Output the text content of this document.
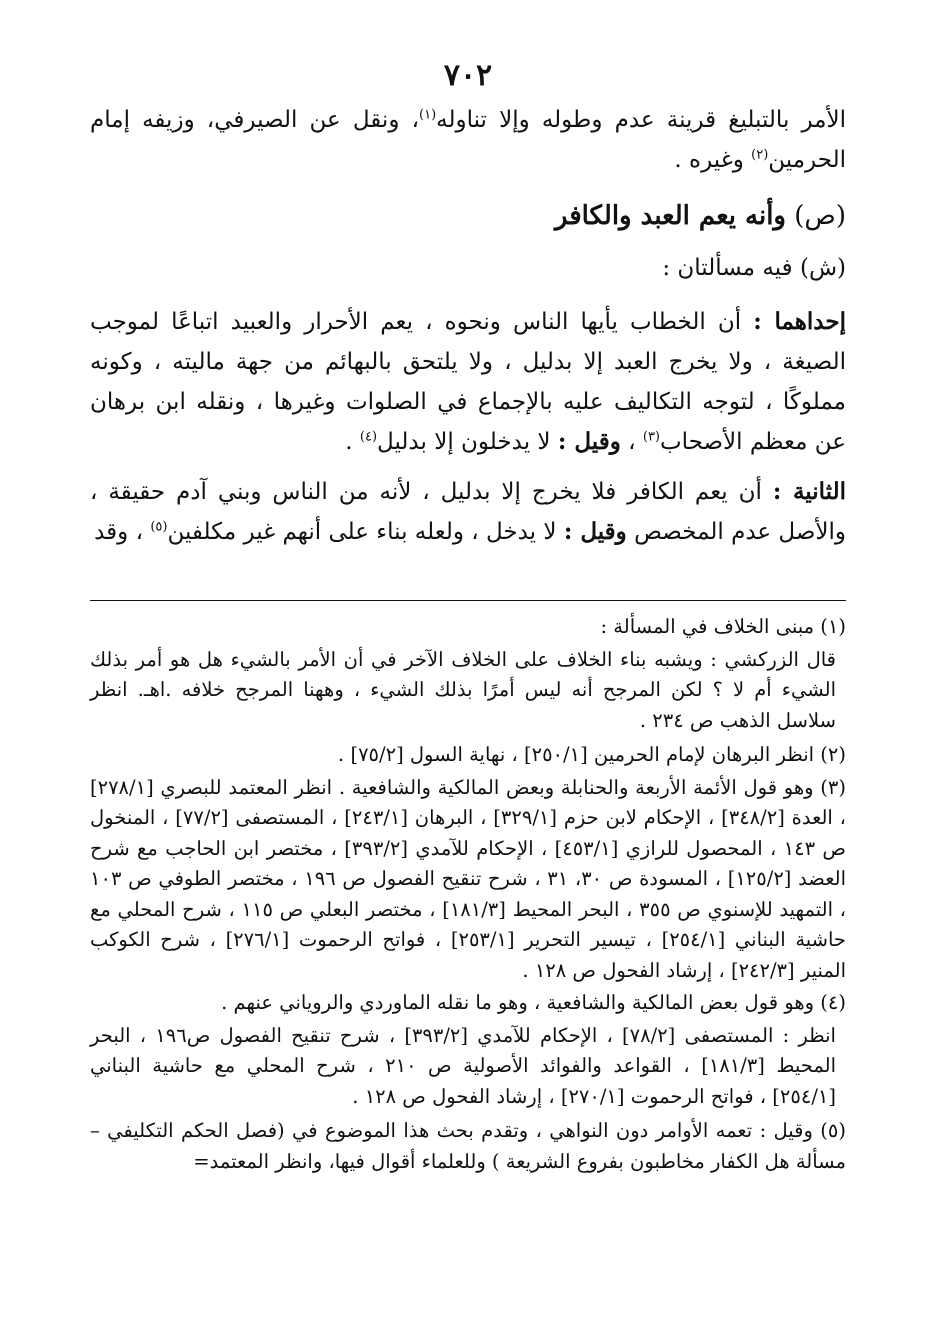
٧٠٢

الأمر بالتبليغ قرينة عدم وطوله وإلا تناوله$^{(١)}$، ونقل عن الصيرفي، وزيفه إمام الحرمين$^{(٢)}$ وغيره .

(ص) وأنه يعم العبد والكافر

(ش) فيه مسألتان :

إحداهما : أن الخطاب يأيها الناس ونحوه ، يعم الأحرار والعبيد اتباعًا لموجب الصيغة ، ولا يخرج العبد إلا بدليل ، ولا يلتحق بالبهائم من جهة ماليته ، وكونه مملوكًا ، لتوجه التكاليف عليه بالإجماع في الصلوات وغيرها ، ونقله ابن برهان عن معظم الأصحاب$^{(٣)}$ ، وقيل : لا يدخلون إلا بدليل$^{(٤)}$ .

الثانية : أن يعم الكافر فلا يخرج إلا بدليل ، لأنه من الناس وبني آدم حقيقة ، والأصل عدم المخصص وقيل : لا يدخل ، ولعله بناء على أنهم غير مكلفين$^{(٥)}$ ، وقد

(١) مبنى الخلاف في المسألة :

قال الزركشي : ويشبه بناء الخلاف على الخلاف الآخر في أن الأمر بالشيء هل هو أمر بذلك الشيء أم لا ؟ لكن المرجح أنه ليس أمرًا بذلك الشيء ، وههنا المرجح خلافه .اهـ. انظر سلاسل الذهب ص ٢٣٤ .

(٢) انظر البرهان لإمام الحرمين [٢٥٠/١] ، نهاية السول [٧٥/٢] .

(٣) وهو قول الأئمة الأربعة والحنابلة وبعض المالكية والشافعية . انظر المعتمد للبصري [٢٧٨/١] ، العدة [٣٤٨/٢] ، الإحكام لابن حزم [٣٢٩/١] ، البرهان [٢٤٣/١] ، المستصفى [٧٧/٢] ، المنخول ص ١٤٣ ، المحصول للرازي [٤٥٣/١] ، الإحكام للآمدي [٣٩٣/٢] ، مختصر ابن الحاجب مع شرح العضد [١٢٥/٢] ، المسودة ص ٣٠، ٣١ ، شرح تنقيح الفصول ص ١٩٦ ، مختصر الطوفي ص ١٠٣ ، التمهيد للإسنوي ص ٣٥٥ ، البحر المحيط [١٨١/٣] ، مختصر البعلي ص ١١٥ ، شرح المحلي مع حاشية البناني [٢٥٤/١] ، تيسير التحرير [٢٥٣/١] ، فواتح الرحموت [٢٧٦/١] ، شرح الكوكب المنير [٢٤٢/٣] ، إرشاد الفحول ص ١٢٨ .

(٤) وهو قول بعض المالكية والشافعية ، وهو ما نقله الماوردي والروياني عنهم .

انظر : المستصفى [٧٨/٢] ، الإحكام للآمدي [٣٩٣/٢] ، شرح تنقيح الفصول ص١٩٦ ، البحر المحيط [١٨١/٣] ، القواعد والفوائد الأصولية ص ٢١٠ ، شرح المحلي مع حاشية البناني [٢٥٤/١] ، فواتح الرحموت [٢٧٠/١] ، إرشاد الفحول ص ١٢٨ .

(٥) وقيل : تعمه الأوامر دون النواهي ، وتقدم بحث هذا الموضوع في (فصل الحكم التكليفي – مسألة هل الكفار مخاطبون بفروع الشريعة ) وللعلماء أقوال فيها، وانظر المعتمد=
